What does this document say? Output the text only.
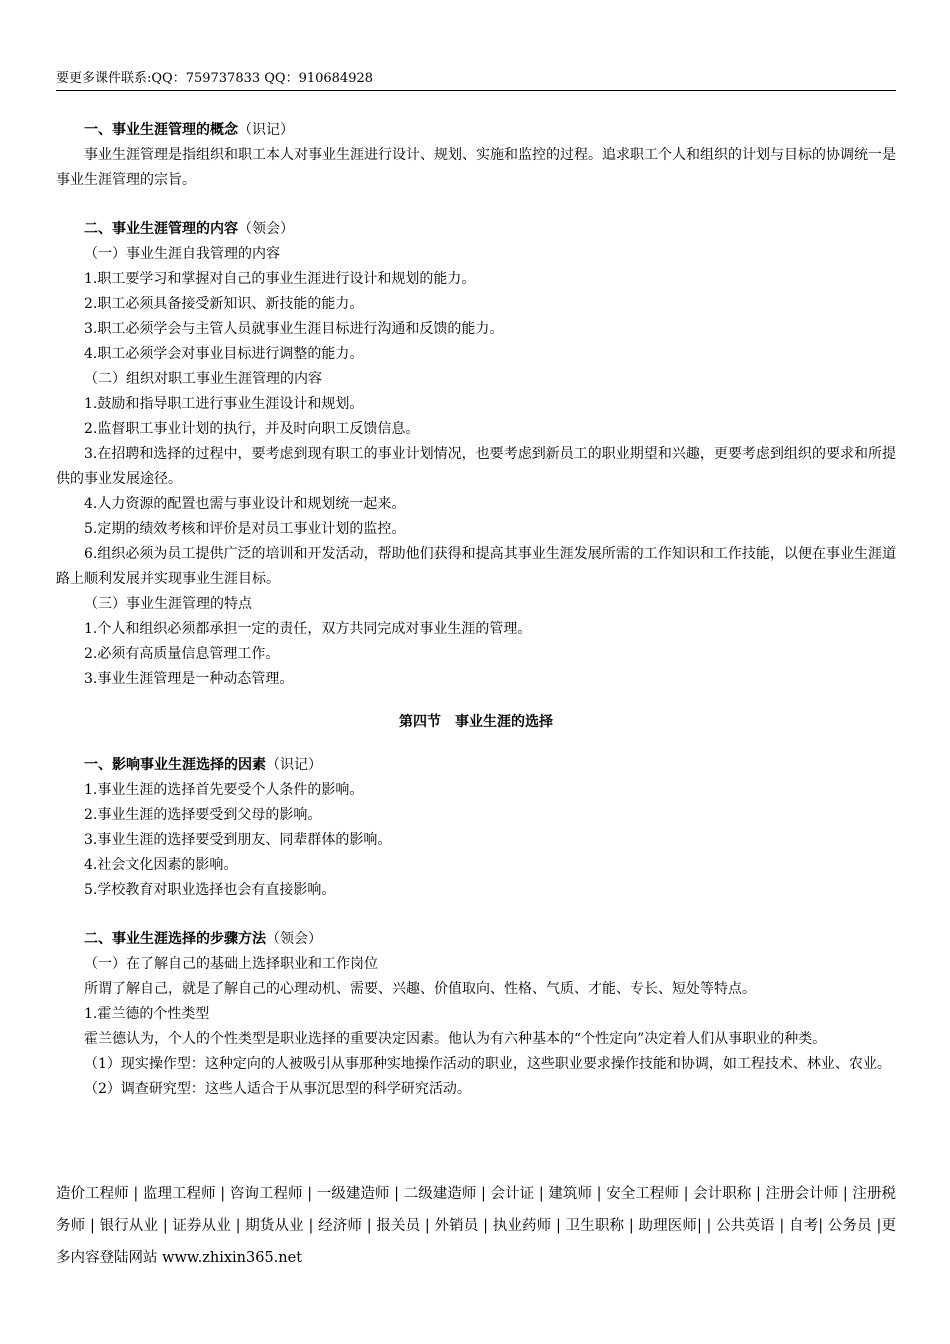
要更多课件联系:QQ：759737833 QQ：910684928

一、事业生涯管理的概念（识记）

事业生涯管理是指组织和职工本人对事业生涯进行设计、规划、实施和监控的过程。追求职工个人和组织的计划与目标的协调统一是事业生涯管理的宗旨。

二、事业生涯管理的内容（领会）

（一）事业生涯自我管理的内容

1.职工要学习和掌握对自己的事业生涯进行设计和规划的能力。

2.职工必须具备接受新知识、新技能的能力。

3.职工必须学会与主管人员就事业生涯目标进行沟通和反馈的能力。

4.职工必须学会对事业目标进行调整的能力。

（二）组织对职工事业生涯管理的内容

1.鼓励和指导职工进行事业生涯设计和规划。

2.监督职工事业计划的执行，并及时向职工反馈信息。

3.在招聘和选择的过程中，要考虑到现有职工的事业计划情况，也要考虑到新员工的职业期望和兴趣，更要考虑到组织的要求和所提供的事业发展途径。

4.人力资源的配置也需与事业设计和规划统一起来。

5.定期的绩效考核和评价是对员工事业计划的监控。

6.组织必须为员工提供广泛的培训和开发活动，帮助他们获得和提高其事业生涯发展所需的工作知识和工作技能，以便在事业生涯道路上顺利发展并实现事业生涯目标。

（三）事业生涯管理的特点

1.个人和组织必须都承担一定的责任，双方共同完成对事业生涯的管理。

2.必须有高质量信息管理工作。

3.事业生涯管理是一种动态管理。

第四节　事业生涯的选择

一、影响事业生涯选择的因素（识记）

1.事业生涯的选择首先要受个人条件的影响。

2.事业生涯的选择要受到父母的影响。

3.事业生涯的选择要受到朋友、同辈群体的影响。

4.社会文化因素的影响。

5.学校教育对职业选择也会有直接影响。

二、事业生涯选择的步骤方法（领会）

（一）在了解自己的基础上选择职业和工作岗位

所谓了解自己，就是了解自己的心理动机、需要、兴趣、价值取向、性格、气质、才能、专长、短处等特点。

1.霍兰德的个性类型

霍兰德认为，个人的个性类型是职业选择的重要决定因素。他认为有六种基本的“个性定向”决定着人们从事职业的种类。

（1）现实操作型：这种定向的人被吸引从事那种实地操作活动的职业，这些职业要求操作技能和协调，如工程技术、林业、农业。

（2）调查研究型：这些人适合于从事沉思型的科学研究活动。

造价工程师 | 监理工程师 | 咨询工程师 | 一级建造师 | 二级建造师 | 会计证 | 建筑师 | 安全工程师 | 会计职称 | 注册会计师 | 注册税务师 | 银行从业 | 证券从业 | 期货从业 | 经济师 | 报关员 | 外销员 | 执业药师 | 卫生职称 | 助理医师| | 公共英语 | 自考| 公务员 |更多内容登陆网站 www.zhixin365.net
